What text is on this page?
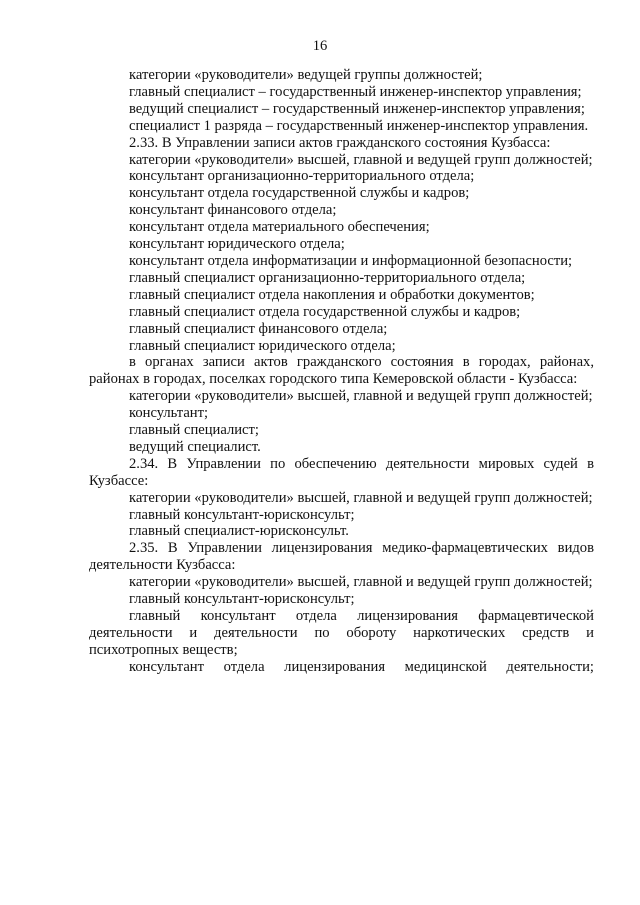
16

категории «руководители» ведущей группы должностей;

главный специалист – государственный инженер-инспектор управления;

ведущий специалист – государственный инженер-инспектор управления;

специалист 1 разряда – государственный инженер-инспектор управления.

2.33. В Управлении записи актов гражданского состояния Кузбасса:

категории «руководители» высшей, главной и ведущей групп должностей;

консультант организационно-территориального отдела;

консультант отдела государственной службы и кадров;

консультант финансового отдела;

консультант отдела материального обеспечения;

консультант юридического отдела;

консультант отдела информатизации и информационной безопасности;

главный специалист организационно-территориального отдела;

главный специалист отдела накопления и обработки документов;

главный специалист отдела государственной службы и кадров;

главный специалист финансового отдела;

главный специалист юридического отдела;

в органах записи актов гражданского состояния в городах, районах, районах в городах, поселках городского типа Кемеровской области - Кузбасса:

категории «руководители» высшей, главной и ведущей групп должностей;

консультант;

главный специалист;

ведущий специалист.

2.34. В Управлении по обеспечению деятельности мировых судей в Кузбассе:

категории «руководители» высшей, главной и ведущей групп должностей;

главный консультант-юрисконсульт;

главный специалист-юрисконсульт.

2.35. В Управлении лицензирования медико-фармацевтических видов деятельности Кузбасса:

категории «руководители» высшей, главной и ведущей групп должностей;

главный консультант-юрисконсульт;

главный консультант отдела лицензирования фармацевтической деятельности и деятельности по обороту наркотических средств и психотропных веществ;

консультант отдела лицензирования медицинской деятельности;
